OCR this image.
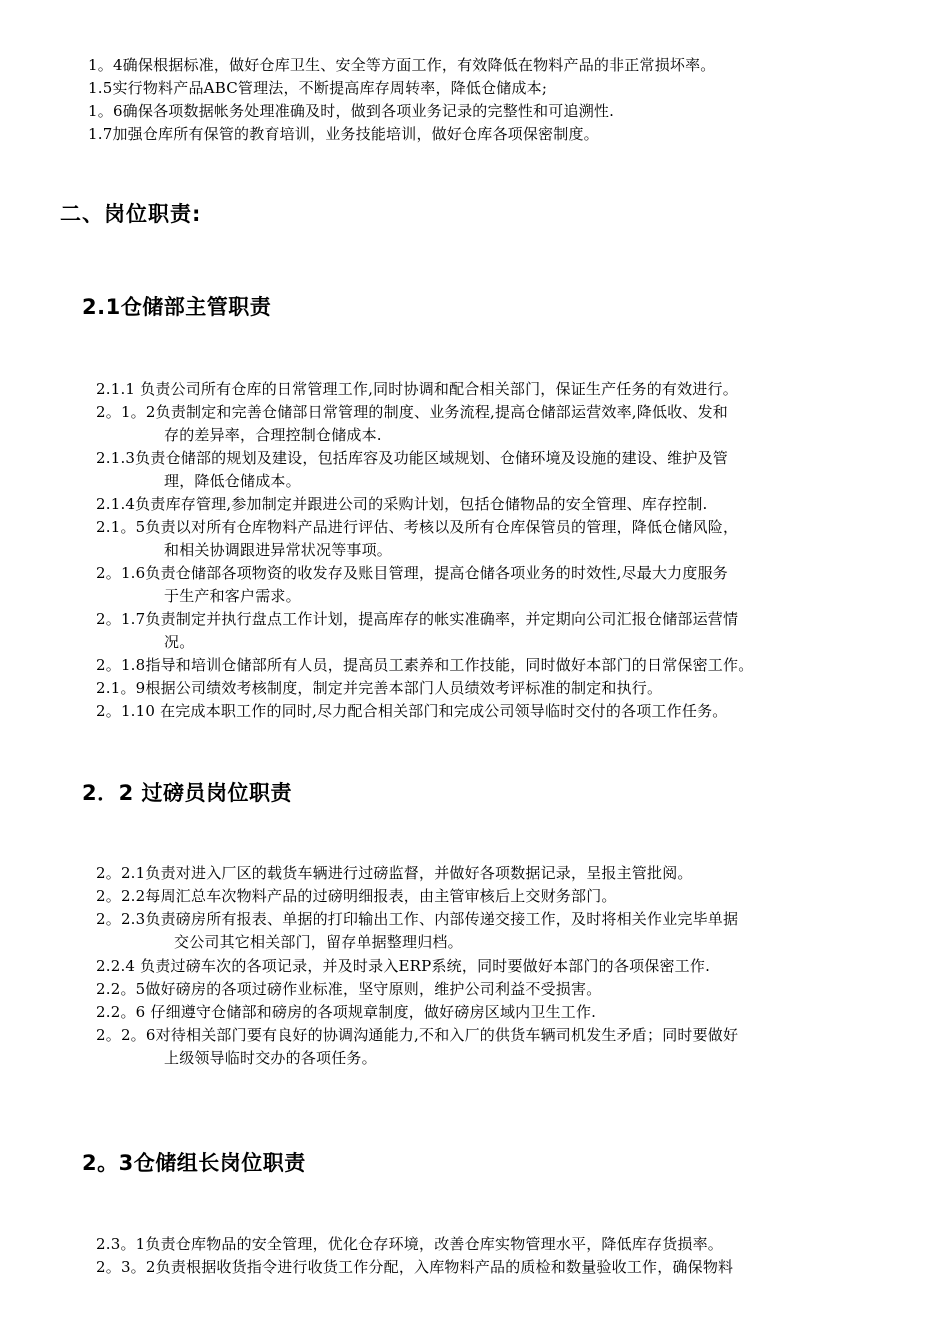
1。4确保根据标准，做好仓库卫生、安全等方面工作，有效降低在物料产品的非正常损坏率。
1.5实行物料产品ABC管理法，不断提高库存周转率，降低仓储成本;
1。6确保各项数据帐务处理准确及时，做到各项业务记录的完整性和可追溯性.
1.7加强仓库所有保管的教育培训，业务技能培训，做好仓库各项保密制度。
二、岗位职责:
2.1仓储部主管职责
2.1.1 负责公司所有仓库的日常管理工作,同时协调和配合相关部门，保证生产任务的有效进行。
2。1。2负责制定和完善仓储部日常管理的制度、业务流程,提高仓储部运营效率,降低收、发和
存的差异率，合理控制仓储成本.
2.1.3负责仓储部的规划及建设，包括库容及功能区域规划、仓储环境及设施的建设、维护及管
理，降低仓储成本。
2.1.4负责库存管理,参加制定并跟进公司的采购计划，包括仓储物品的安全管理、库存控制.
2.1。5负责以对所有仓库物料产品进行评估、考核以及所有仓库保管员的管理，降低仓储风险，
和相关协调跟进异常状况等事项。
2。1.6负责仓储部各项物资的收发存及账目管理，提高仓储各项业务的时效性,尽最大力度服务
于生产和客户需求。
2。1.7负责制定并执行盘点工作计划，提高库存的帐实准确率，并定期向公司汇报仓储部运营情
况。
2。1.8指导和培训仓储部所有人员，提高员工素养和工作技能，同时做好本部门的日常保密工作。
2.1。9根据公司绩效考核制度，制定并完善本部门人员绩效考评标准的制定和执行。
2。1.10 在完成本职工作的同时,尽力配合相关部门和完成公司领导临时交付的各项工作任务。
2．2 过磅员岗位职责
2。2.1负责对进入厂区的载货车辆进行过磅监督，并做好各项数据记录，呈报主管批阅。
2。2.2每周汇总车次物料产品的过磅明细报表，由主管审核后上交财务部门。
2。2.3负责磅房所有报表、单据的打印输出工作、内部传递交接工作，及时将相关作业完毕单据
交公司其它相关部门，留存单据整理归档。
2.2.4 负责过磅车次的各项记录，并及时录入ERP系统，同时要做好本部门的各项保密工作.
2.2。5做好磅房的各项过磅作业标准，坚守原则，维护公司利益不受损害。
2.2。6 仔细遵守仓储部和磅房的各项规章制度，做好磅房区域内卫生工作.
2。2。6对待相关部门要有良好的协调沟通能力,不和入厂的供货车辆司机发生矛盾；同时要做好
上级领导临时交办的各项任务。
2。3仓储组长岗位职责
2.3。1负责仓库物品的安全管理，优化仓存环境，改善仓库实物管理水平，降低库存货损率。
2。3。2负责根据收货指令进行收货工作分配，入库物料产品的质检和数量验收工作，确保物料
